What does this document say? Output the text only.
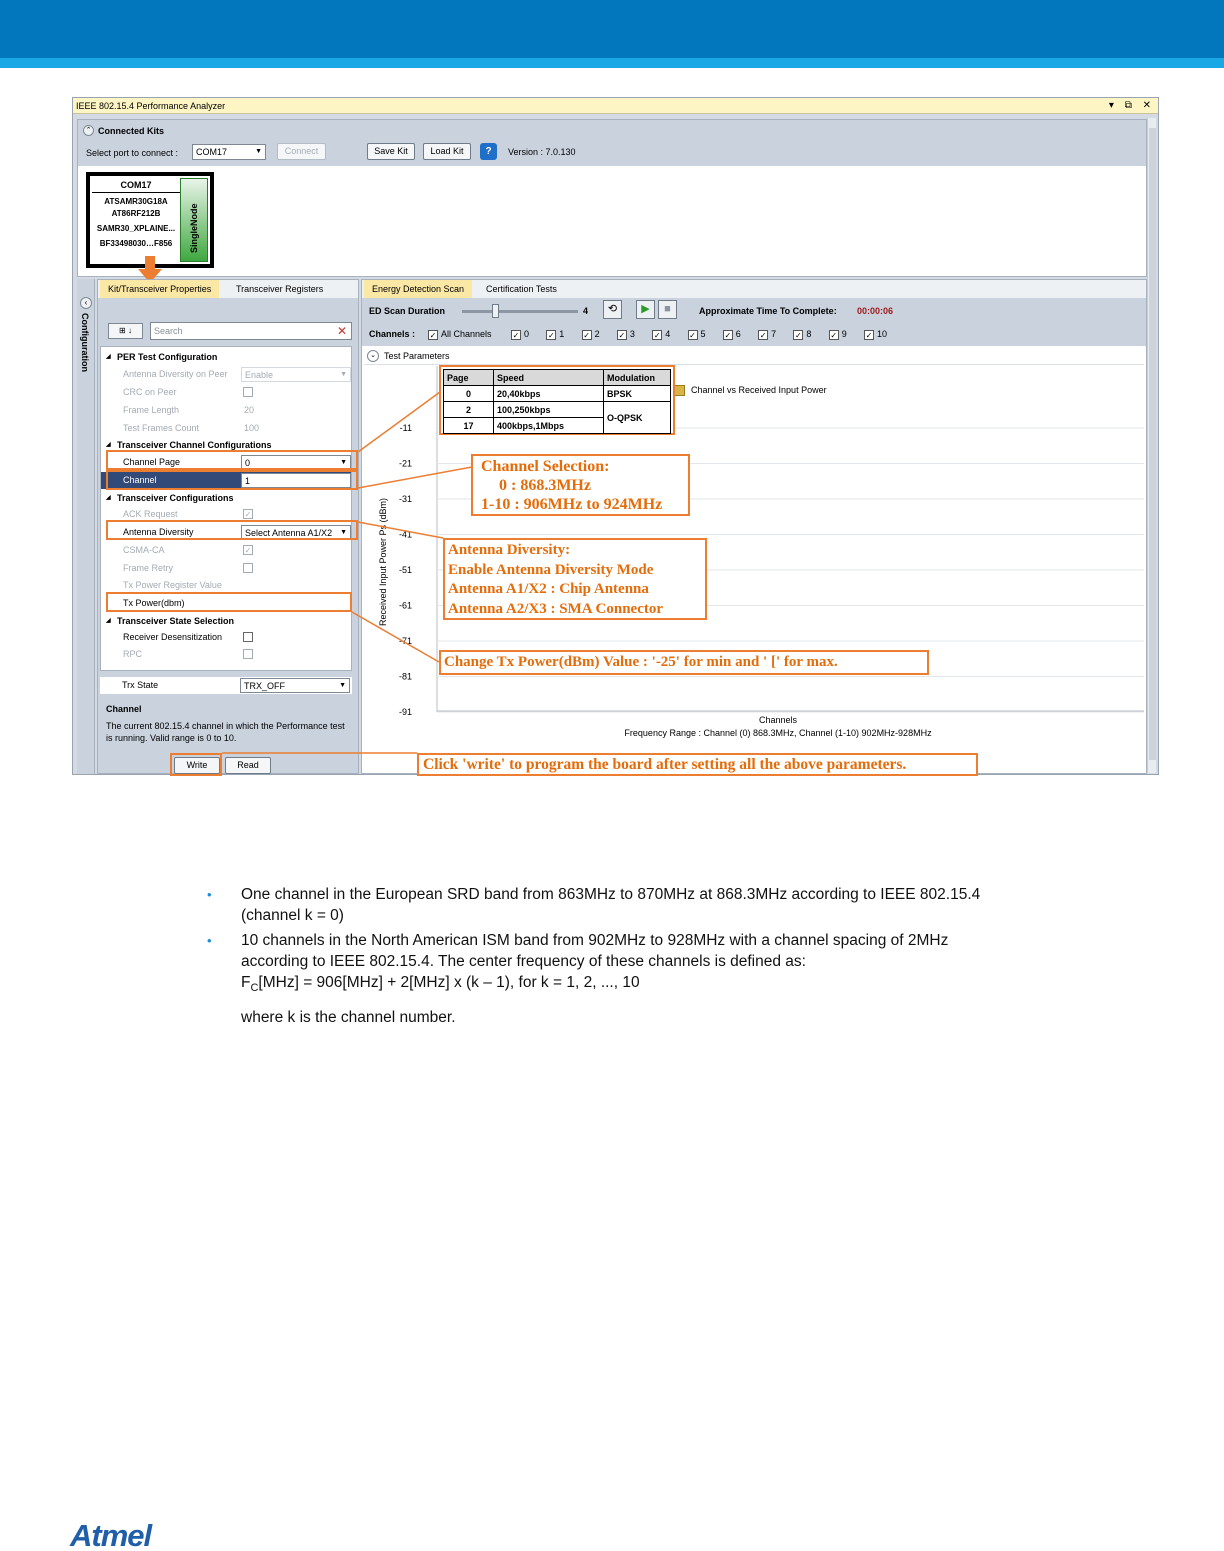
IEEE 802.15.4 Performance Analyzer	▾ ⧉ ✕
⌃ Connected Kits
Select port to connect :	COM17	▼	Connect	Save Kit	Load Kit	?	Version : 7.0.130
COM17
ATSAMR30G18A
AT86RF212B
SAMR30_XPLAINE...
BF33498030…F856	SingleNode
‹
Configuration
Kit/Transceiver Properties	Transceiver Registers
⊞ ↓	Search	✕
◢ PER Test Configuration
Antenna Diversity on Peer	Enable	▼
CRC on Peer
Frame Length	20
Test Frames Count	100
◢ Transceiver Channel Configurations
Channel Page	0	▼
Channel	1
◢ Transceiver Configurations
ACK Request	✓
Antenna Diversity	Select Antenna A1/X2 ▼
CSMA-CA	✓
Frame Retry
Tx Power Register Value
Tx Power(dbm)
◢ Transceiver State Selection
Receiver Desensitization
RPC
Trx State	TRX_OFF	▼
Channel
The current 802.15.4 channel in which the Performance test is running. Valid range is 0 to 10.
Write	Read
Energy Detection Scan	Certification Tests
ED Scan Duration	4	⟲	▶	■	Approximate Time To Complete: 00:00:06
Channels : ✓ All Channels	✓ 0 ✓ 1 ✓ 2 ✓ 3 ✓ 4 ✓ 5 ✓ 6 ✓ 7 ✓ 8 ✓ 9 ✓ 10
⌄ Test Parameters
-11
-21
-31
-41
-51
-61
-71
-81
-91
Received Input Power Ps (dBm)
Channels
Frequency Range : Channel (0) 868.3MHz, Channel (1-10) 902MHz-928MHz
Channel vs Received Input Power
Page	Speed	Modulation
0	20,40kbps	BPSK
2	100,250kbps	O-QPSK
17	400kbps,1Mbps	
Channel Selection:
0 : 868.3MHz
1-10 : 906MHz to 924MHz
Antenna Diversity:
Enable Antenna Diversity Mode
Antenna A1/X2 : Chip Antenna
Antenna A2/X3 : SMA Connector
Change Tx Power(dBm) Value : '-25' for min and ' [' for max.
Click 'write' to program the board after setting all the above parameters.
• One channel in the European SRD band from 863MHz to 870MHz at 868.3MHz according to IEEE 802.15.4 (channel k = 0)

• 10 channels in the North American ISM band from 902MHz to 928MHz with a channel spacing of 2MHz according to IEEE 802.15.4. The center frequency of these channels is defined as:

$F_C[MHz] = 906[MHz] + 2[MHz]$ x (k – 1), for k = 1, 2, ..., 10

where k is the channel number.

Atmel
